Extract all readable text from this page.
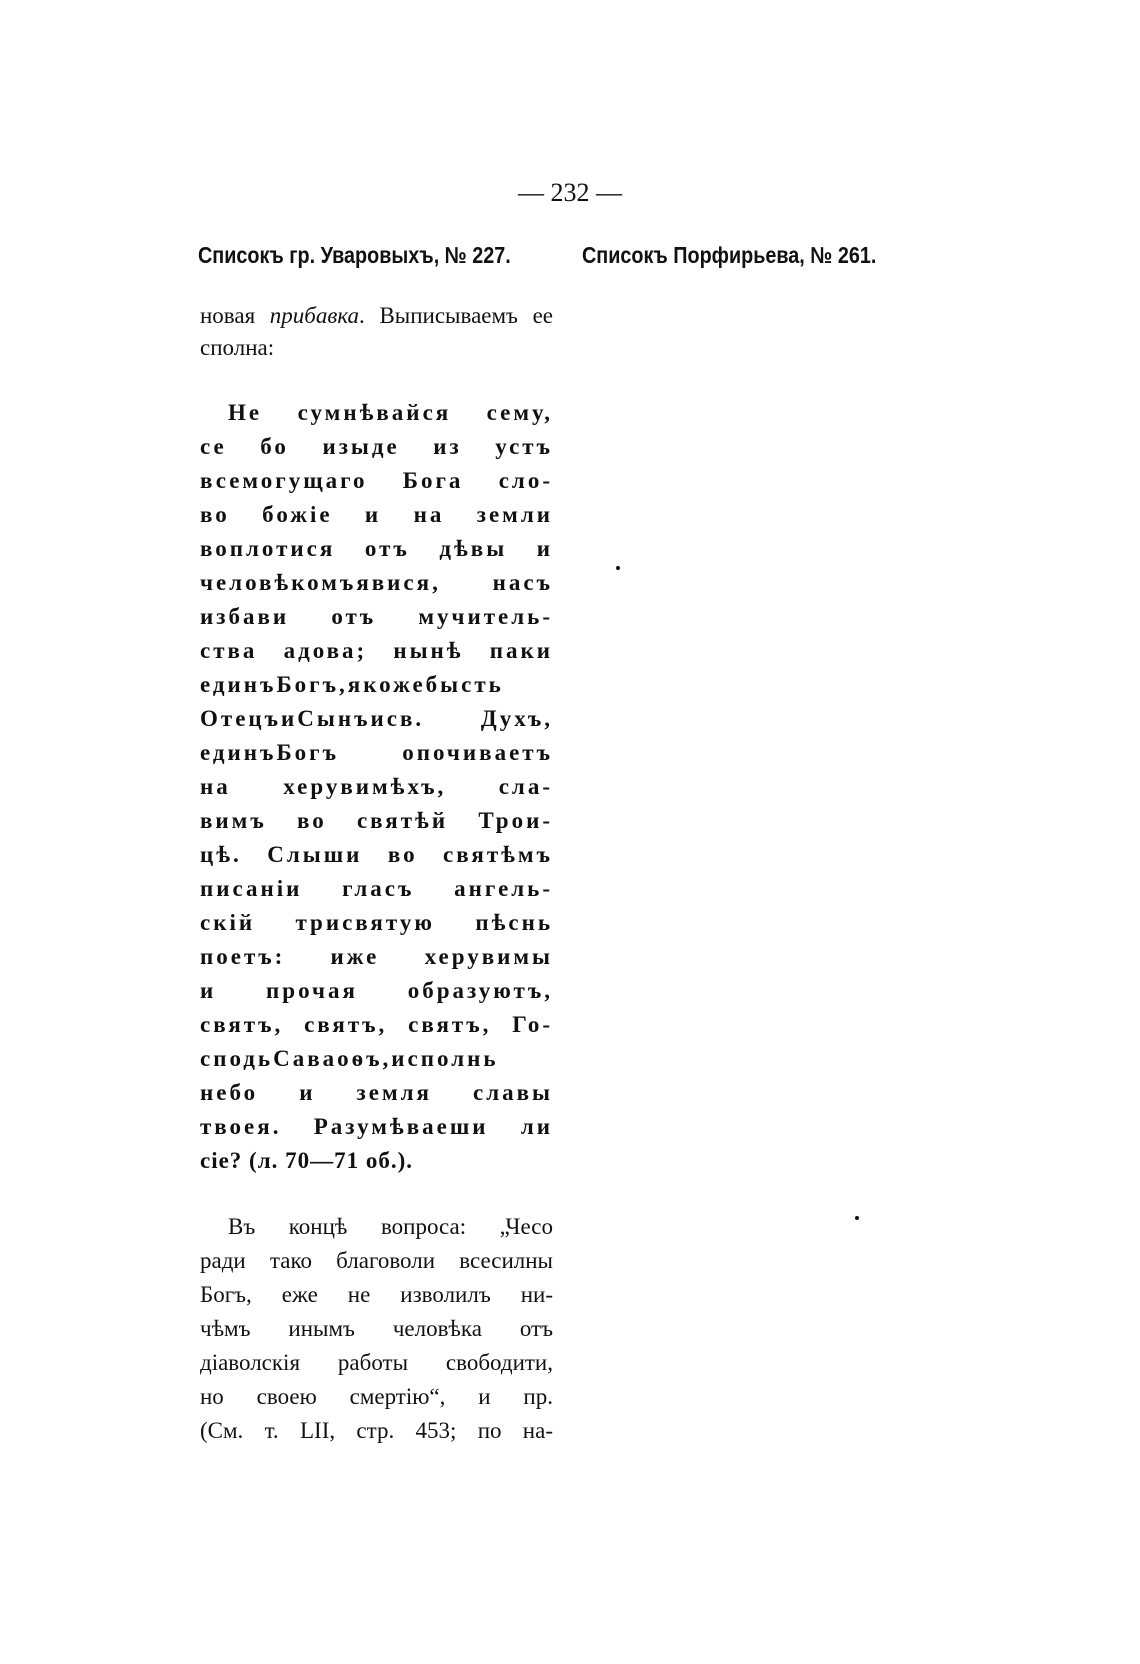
— 232 —
Списокъ гр. Уваровыхъ, № 227.	Списокъ Порфирьева, № 261.

новая прибавка. Выписываемъ ее сполна:

Не сумнѣвайся сему,
се бо изыде из устъ
всемогущаго Бога сло-
во божіе и на земли
воплотися отъ дѣвы и
человѣкомъявися, насъ
избави отъ мучитель-
ства адова; нынѣ паки
единъБогъ,якожебысть
ОтецъиСынъисв. Духъ,
единъБогъ опочиваетъ
на херувимѣхъ, сла-
вимъ во святѣй Трои-
цѣ. Слыши во святѣмъ
писаніи гласъ ангель-
скій трисвятую пѣснь
поетъ: иже херувимы
и прочая образуютъ,
святъ, святъ, святъ, Го-
сподьСаваоѳъ,исполнь
небо и земля славы
твоея. Разумѣваеши ли
сіе? (л. 70—71 об.).
Въ концѣ вопроса: „Чесо
ради тако благоволи всесилны
Богъ, еже не изволилъ ни-
чѣмъ инымъ человѣка отъ
діаволскія работы свободити,
но своею смертію“, и пр.
(См. т. LII, стр. 453; по на-
